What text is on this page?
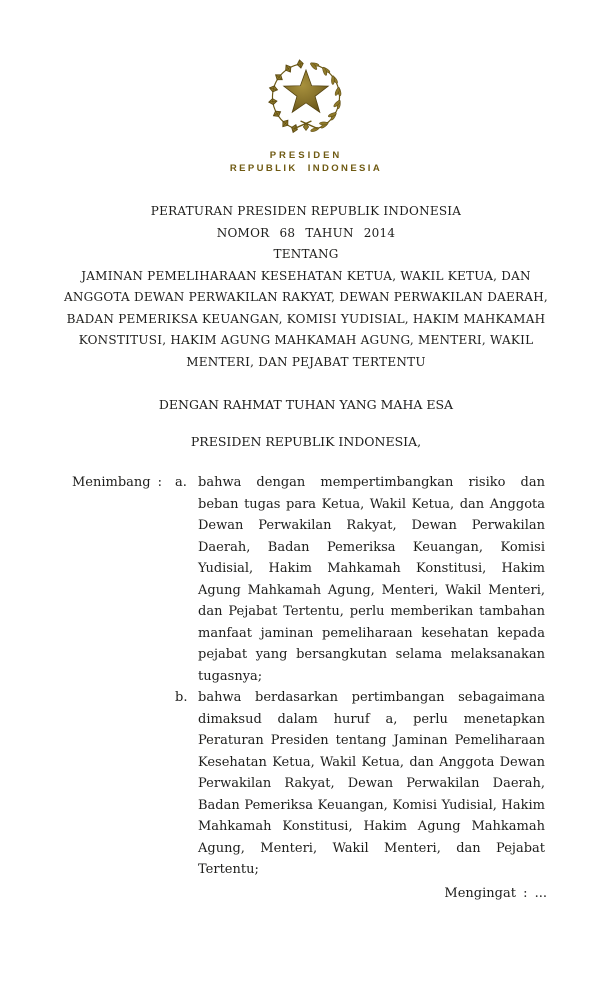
PRESIDEN
REPUBLIK INDONESIA
PERATURAN PRESIDEN REPUBLIK INDONESIA
NOMOR 68 TAHUN 2014
TENTANG
JAMINAN PEMELIHARAAN KESEHATAN KETUA, WAKIL KETUA, DAN
ANGGOTA DEWAN PERWAKILAN RAKYAT, DEWAN PERWAKILAN DAERAH,
BADAN PEMERIKSA KEUANGAN, KOMISI YUDISIAL, HAKIM MAHKAMAH
KONSTITUSI, HAKIM AGUNG MAHKAMAH AGUNG, MENTERI, WAKIL
MENTERI, DAN PEJABAT TERTENTU
DENGAN RAHMAT TUHAN YANG MAHA ESA
PRESIDEN REPUBLIK INDONESIA,
Menimbang : a. bahwa dengan mempertimbangkan risiko dan beban tugas para Ketua, Wakil Ketua, dan Anggota Dewan Perwakilan Rakyat, Dewan Perwakilan Daerah, Badan Pemeriksa Keuangan, Komisi Yudisial, Hakim Mahkamah Konstitusi, Hakim Agung Mahkamah Agung, Menteri, Wakil Menteri, dan Pejabat Tertentu, perlu memberikan tambahan manfaat jaminan pemeliharaan kesehatan kepada pejabat yang bersangkutan selama melaksanakan tugasnya;
b. bahwa berdasarkan pertimbangan sebagaimana dimaksud dalam huruf a, perlu menetapkan Peraturan Presiden tentang Jaminan Pemeliharaan Kesehatan Ketua, Wakil Ketua, dan Anggota Dewan Perwakilan Rakyat, Dewan Perwakilan Daerah, Badan Pemeriksa Keuangan, Komisi Yudisial, Hakim Mahkamah Konstitusi, Hakim Agung Mahkamah Agung, Menteri, Wakil Menteri, dan Pejabat Tertentu;
Mengingat : ...
